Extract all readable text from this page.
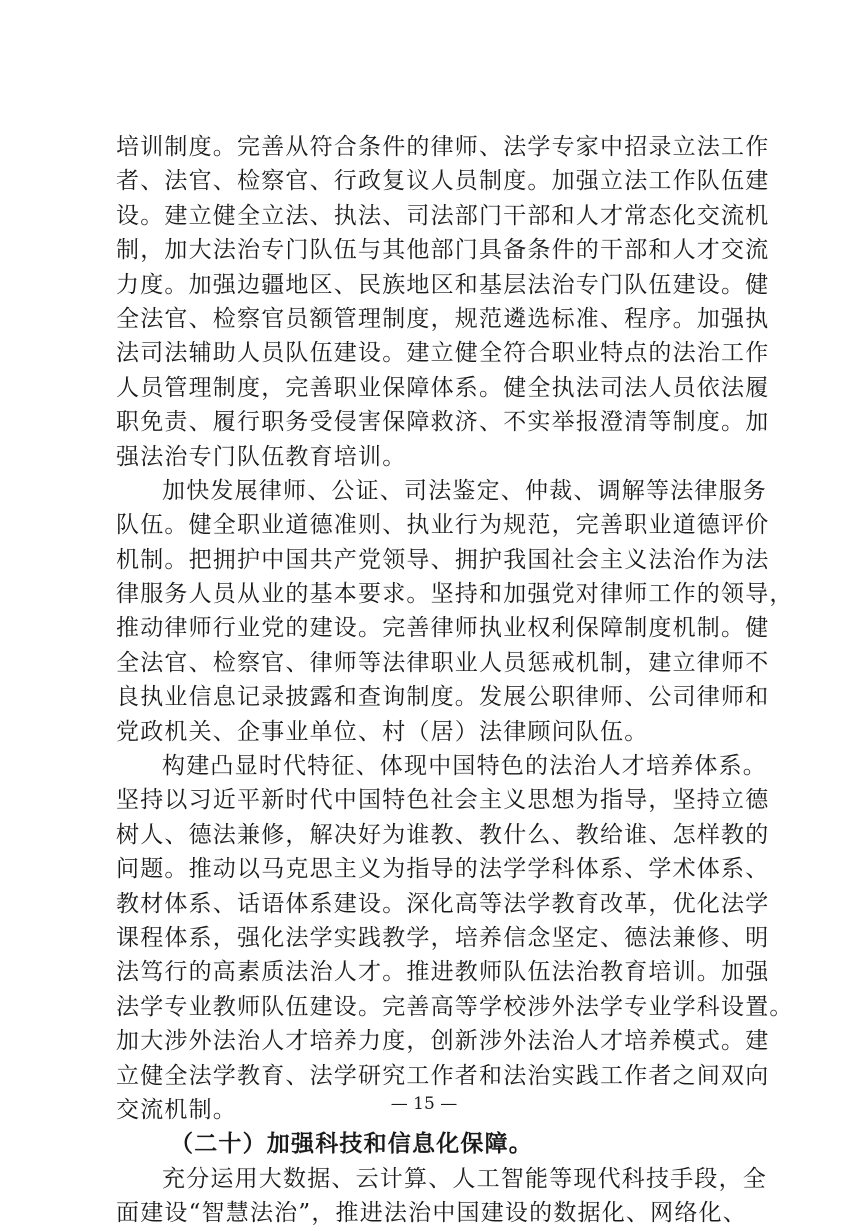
培训制度。完善从符合条件的律师、法学专家中招录立法工作
者、法官、检察官、行政复议人员制度。加强立法工作队伍建
设。建立健全立法、执法、司法部门干部和人才常态化交流机
制，加大法治专门队伍与其他部门具备条件的干部和人才交流
力度。加强边疆地区、民族地区和基层法治专门队伍建设。健
全法官、检察官员额管理制度，规范遴选标准、程序。加强执
法司法辅助人员队伍建设。建立健全符合职业特点的法治工作
人员管理制度，完善职业保障体系。健全执法司法人员依法履
职免责、履行职务受侵害保障救济、不实举报澄清等制度。加
强法治专门队伍教育培训。
加快发展律师、公证、司法鉴定、仲裁、调解等法律服务
队伍。健全职业道德准则、执业行为规范，完善职业道德评价
机制。把拥护中国共产党领导、拥护我国社会主义法治作为法
律服务人员从业的基本要求。坚持和加强党对律师工作的领导，
推动律师行业党的建设。完善律师执业权利保障制度机制。健
全法官、检察官、律师等法律职业人员惩戒机制，建立律师不
良执业信息记录披露和查询制度。发展公职律师、公司律师和
党政机关、企事业单位、村（居）法律顾问队伍。
构建凸显时代特征、体现中国特色的法治人才培养体系。
坚持以习近平新时代中国特色社会主义思想为指导，坚持立德
树人、德法兼修，解决好为谁教、教什么、教给谁、怎样教的
问题。推动以马克思主义为指导的法学学科体系、学术体系、
教材体系、话语体系建设。深化高等法学教育改革，优化法学
课程体系，强化法学实践教学，培养信念坚定、德法兼修、明
法笃行的高素质法治人才。推进教师队伍法治教育培训。加强
法学专业教师队伍建设。完善高等学校涉外法学专业学科设置。
加大涉外法治人才培养力度，创新涉外法治人才培养模式。建
立健全法学教育、法学研究工作者和法治实践工作者之间双向
交流机制。
（二十）加强科技和信息化保障。
充分运用大数据、云计算、人工智能等现代科技手段，全
面建设“智慧法治”，推进法治中国建设的数据化、网络化、
— 15 —
